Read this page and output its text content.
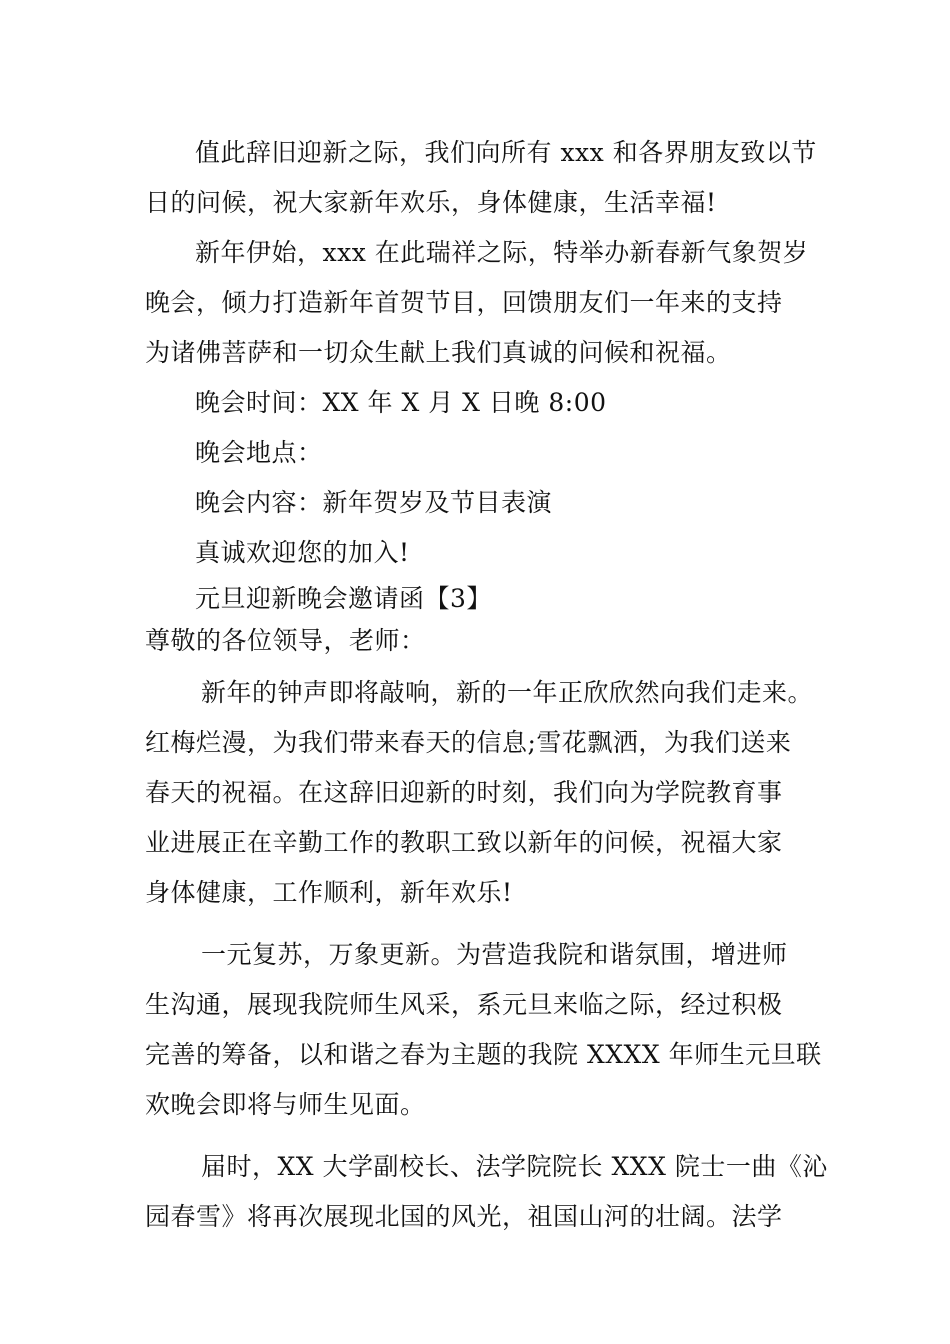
值此辞旧迎新之际，我们向所有 xxx 和各界朋友致以节
日的问候，祝大家新年欢乐，身体健康，生活幸福!
新年伊始，xxx 在此瑞祥之际，特举办新春新气象贺岁
晚会，倾力打造新年首贺节目，回馈朋友们一年来的支持
为诸佛菩萨和一切众生献上我们真诚的问候和祝福。
晚会时间：XX 年 X 月 X 日晚 8:00
晚会地点：
晚会内容：新年贺岁及节目表演
真诚欢迎您的加入!
元旦迎新晚会邀请函【3】
尊敬的各位领导，老师：
新年的钟声即将敲响，新的一年正欣欣然向我们走来。
红梅烂漫，为我们带来春天的信息;雪花飘洒，为我们送来
春天的祝福。在这辞旧迎新的时刻，我们向为学院教育事
业进展正在辛勤工作的教职工致以新年的问候，祝福大家
身体健康，工作顺利，新年欢乐!
一元复苏，万象更新。为营造我院和谐氛围，增进师
生沟通，展现我院师生风采，系元旦来临之际，经过积极
完善的筹备，以和谐之春为主题的我院 XXXX 年师生元旦联
欢晚会即将与师生见面。
届时，XX 大学副校长、法学院院长 XXX 院士一曲《沁
园春雪》将再次展现北国的风光，祖国山河的壮阔。法学
